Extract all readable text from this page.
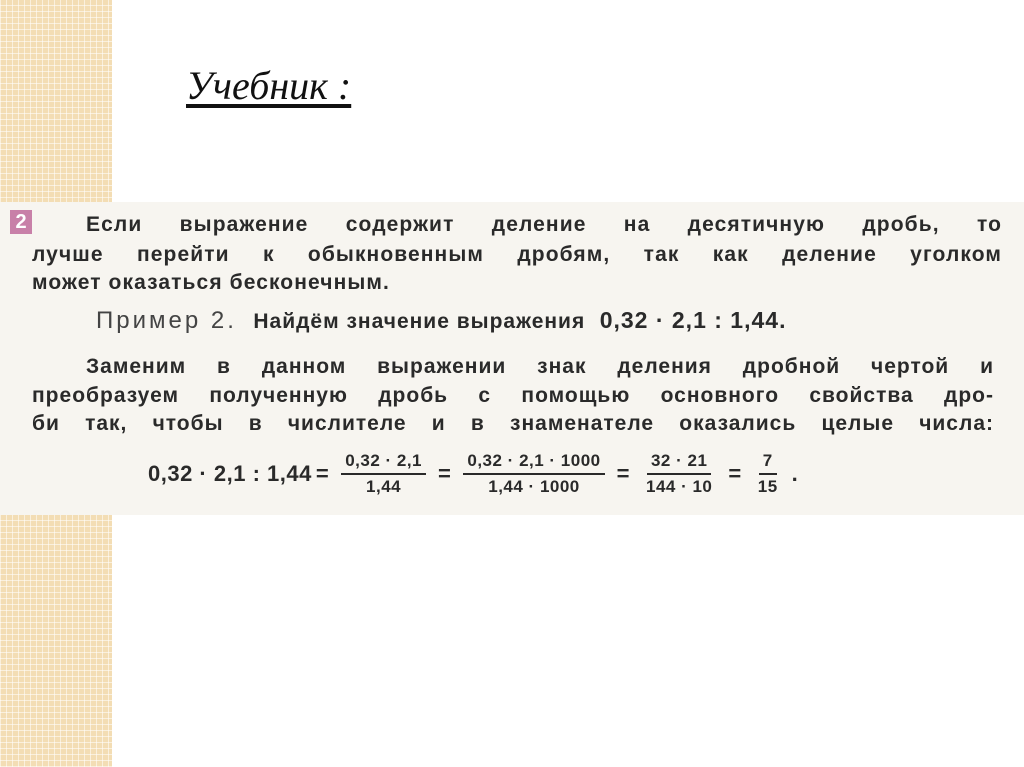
Учебник :
2	Если выражение содержит деление на десятичную дробь, то
лучше перейти к обыкновенным дробям, так как деление уголком
может оказаться бесконечным.
Пример 2. Найдём значение выражения 0,32 · 2,1 : 1,44.
Заменим в данном выражении знак деления дробной чертой и
преобразуем полученную дробь с помощью основного свойства дро-
би так, чтобы в числителе и в знаменателе оказались целые числа:
0,32 · 2,1 : $1,44 = \frac{0,32 \cdot 2,1}{1,44} = \frac{0,32 \cdot 2,1 \cdot 1000}{1,44 \cdot 1000} = \frac{32 \cdot 21}{144 \cdot 10} = \frac{7}{15}$ .
